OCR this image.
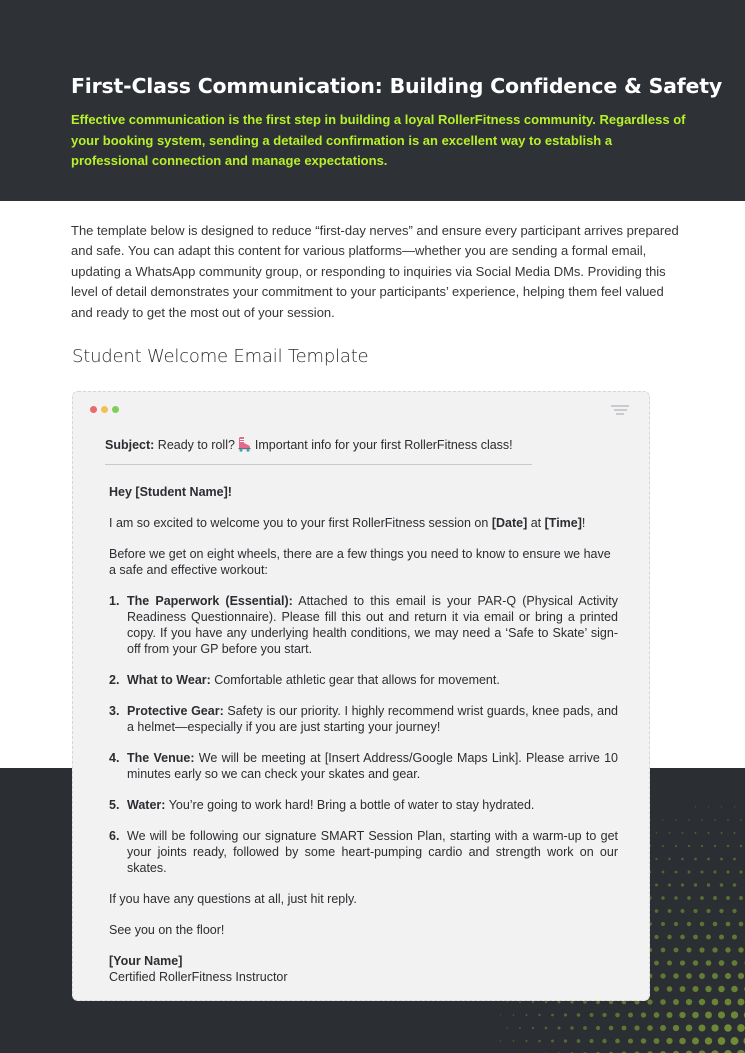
First-Class Communication: Building Confidence & Safety

Effective communication is the first step in building a loyal RollerFitness community. Regardless of your booking system, sending a detailed confirmation is an excellent way to establish a professional connection and manage expectations.

The template below is designed to reduce “first-day nerves” and ensure every participant arrives prepared and safe. You can adapt this content for various platforms—whether you are sending a formal email, updating a WhatsApp community group, or responding to inquiries via Social Media DMs. Providing this level of detail demonstrates your commitment to your participants’ experience, helping them feel valued and ready to get the most out of your session.

Student Welcome Email Template
Subject: Ready to roll? Important info for your first RollerFitness class!

Hey [Student Name]!

I am so excited to welcome you to your first RollerFitness session on [Date] at [Time]!

Before we get on eight wheels, there are a few things you need to know to ensure we have a safe and effective workout:

1. The Paperwork (Essential): Attached to this email is your PAR-Q (Physical Activity Readiness Questionnaire). Please fill this out and return it via email or bring a printed copy. If you have any underlying health conditions, we may need a ‘Safe to Skate’ sign-off from your GP before you start.
2. What to Wear: Comfortable athletic gear that allows for movement.
3. Protective Gear: Safety is our priority. I highly recommend wrist guards, knee pads, and a helmet—especially if you are just starting your journey!
4. The Venue: We will be meeting at [Insert Address/Google Maps Link]. Please arrive 10 minutes early so we can check your skates and gear.
5. Water: You’re going to work hard! Bring a bottle of water to stay hydrated.
6. We will be following our signature SMART Session Plan, starting with a warm-up to get your joints ready, followed by some heart-pumping cardio and strength work on our skates.

If you have any questions at all, just hit reply.

See you on the floor!

[Your Name]
Certified RollerFitness Instructor
